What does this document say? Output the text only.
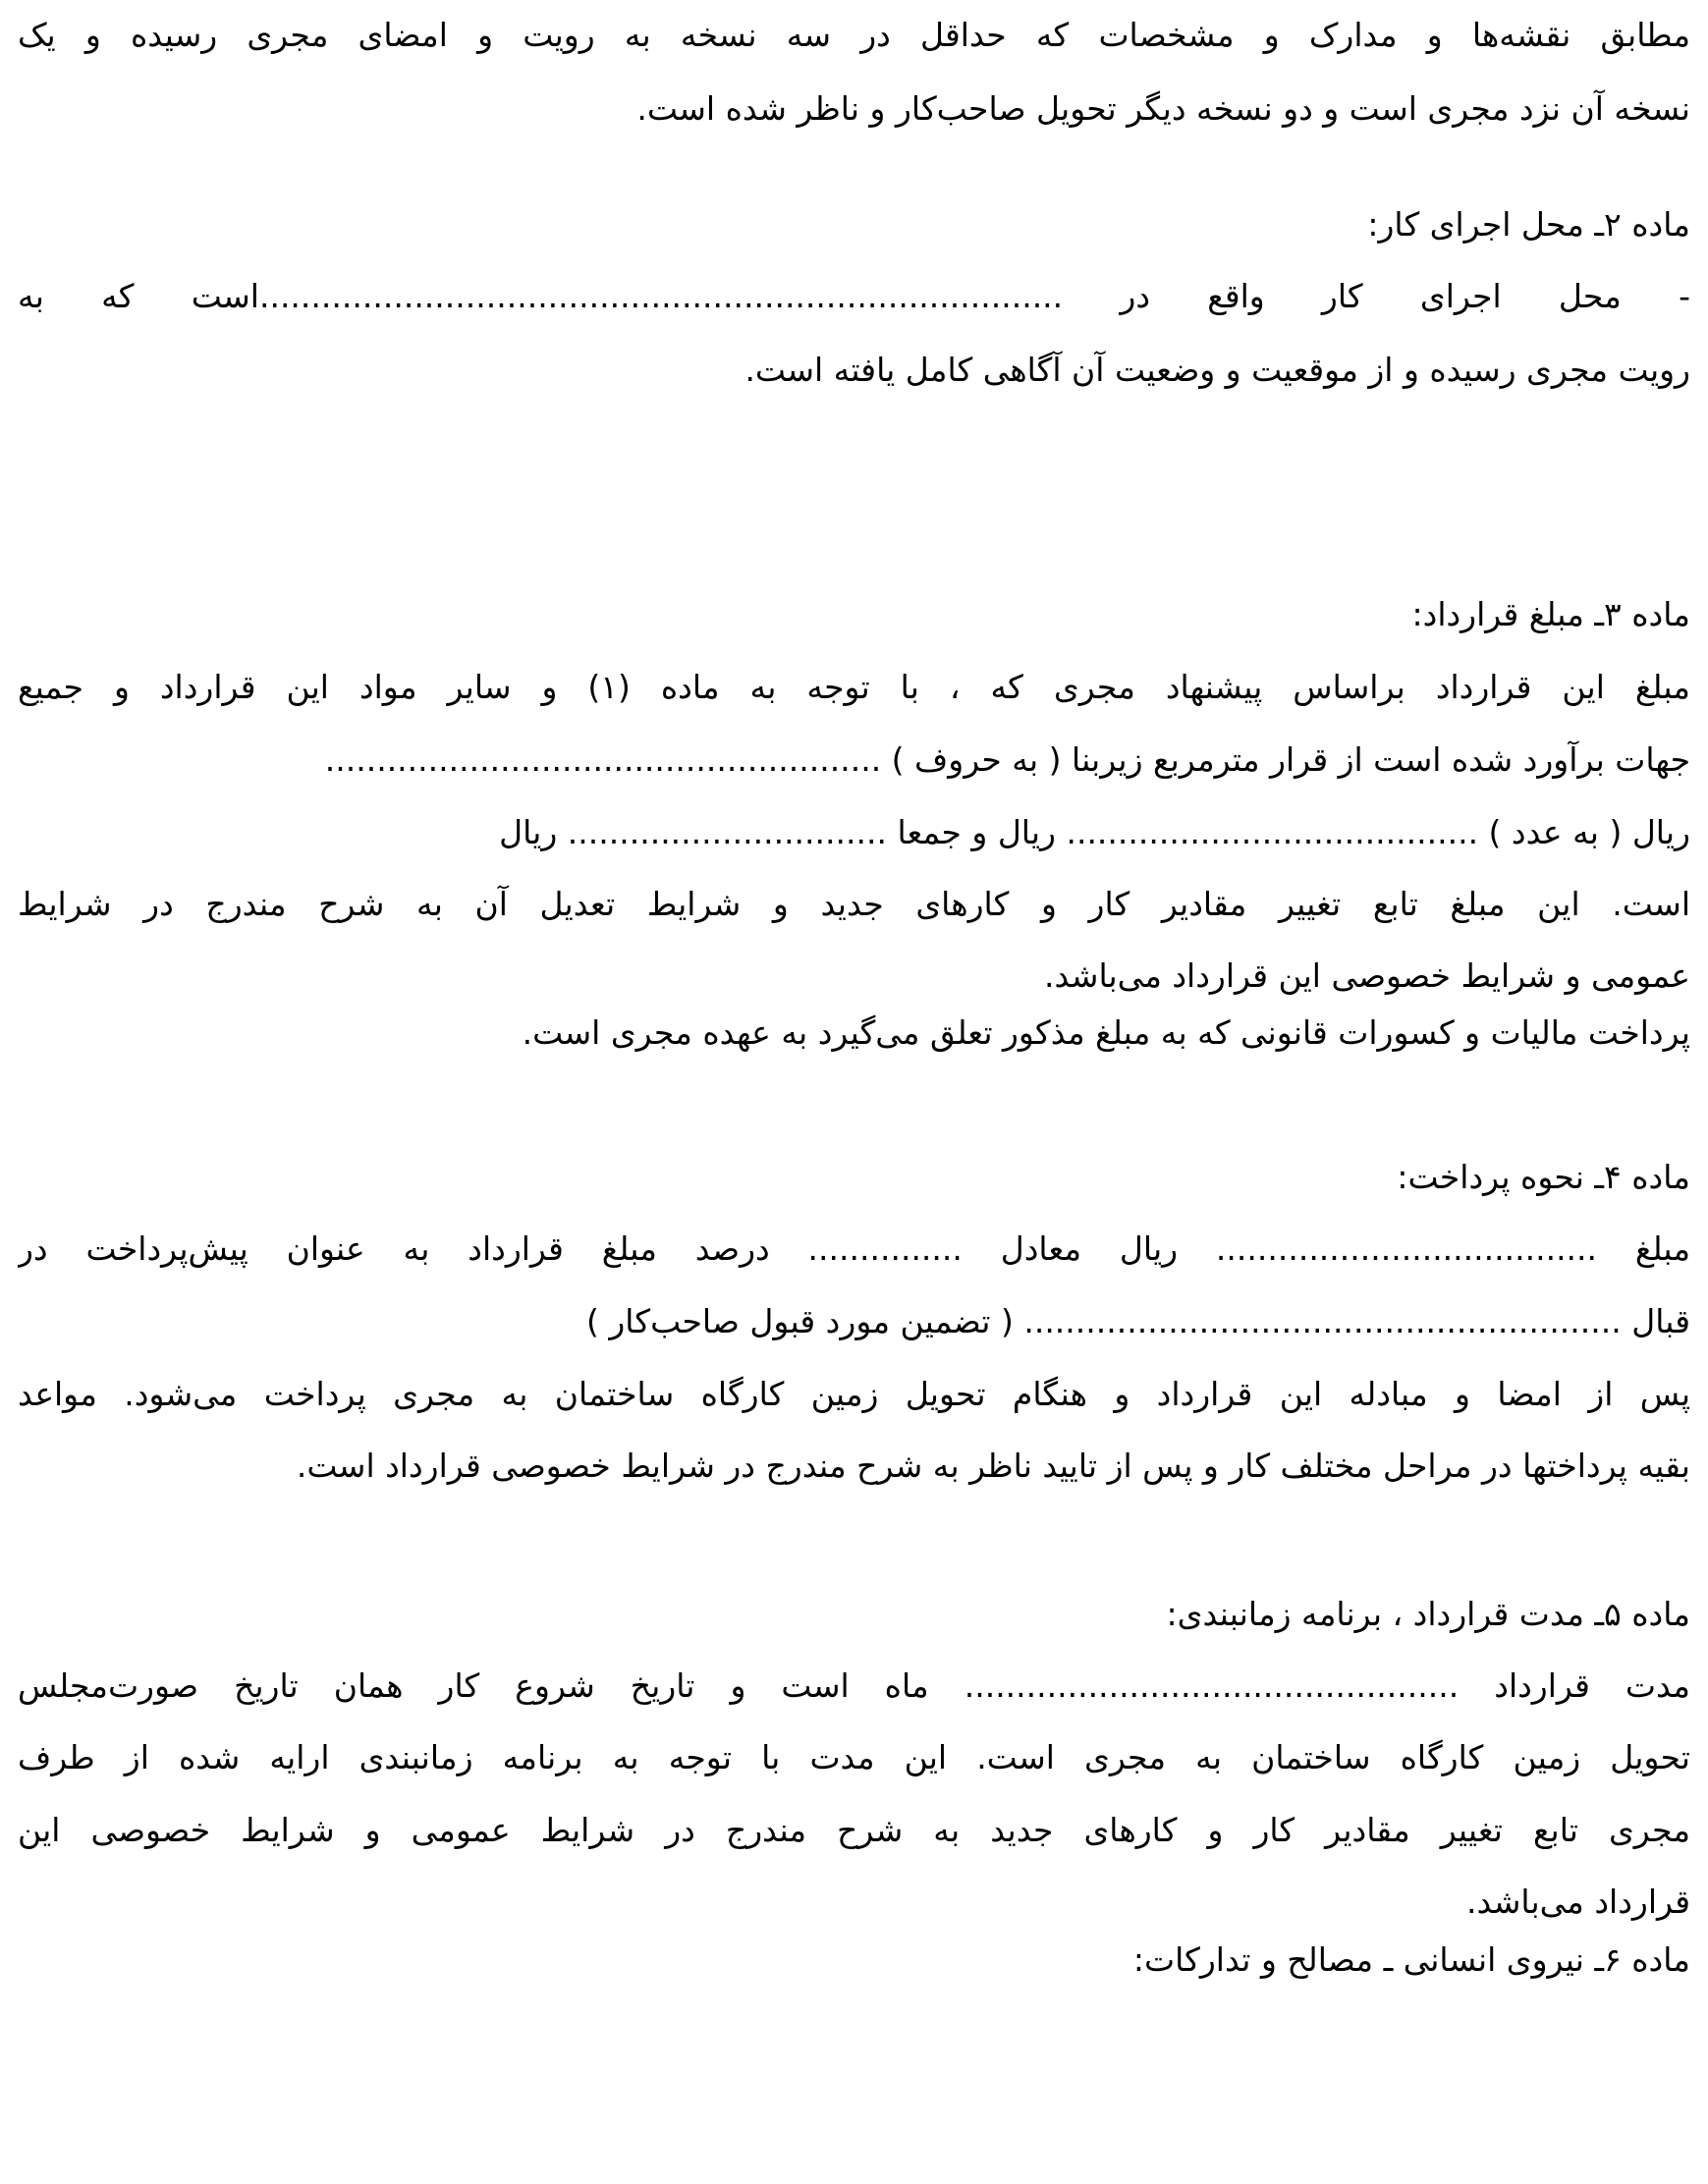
مطابق نقشه‌ها و مدارک و مشخصات که حداقل در سه نسخه به رویت و امضای مجری رسیده و یک
نسخه آن نزد مجری است و دو نسخه دیگر تحویل صاحب‌کار و ناظر شده است.
ماده ۲ـ محل اجرای کار:
- محل اجرای کار واقع در ..............................................................................است که به
رویت مجری رسیده و از موقعیت و وضعیت آن آگاهی کامل یافته است.
ماده ۳ـ مبلغ قرارداد:
مبلغ این قرارداد براساس پیشنهاد مجری که ، با توجه به ماده (۱) و سایر مواد این قرارداد و جمیع
جهات برآورد شده است از قرار مترمربع زیربنا ( به حروف ) ......................................................
ریال ( به عدد ) ........................................ ریال و جمعا ............................... ریال
است. این مبلغ تابع تغییر مقادیر کار و کارهای جدید و شرایط تعدیل آن به شرح مندرج در شرایط
عمومی و شرایط خصوصی این قرارداد می‌باشد.
پرداخت مالیات و کسورات قانونی که به مبلغ مذکور تعلق می‌گیرد به عهده مجری است.
ماده ۴ـ نحوه پرداخت:
مبلغ ..................................... ریال معادل ............... درصد مبلغ قرارداد به عنوان پیش‌پرداخت در
قبال .......................................................... ( تضمین مورد قبول صاحب‌کار )
پس از امضا و مبادله این قرارداد و هنگام تحویل زمین کارگاه ساختمان به مجری پرداخت می‌شود. مواعد
بقیه پرداختها در مراحل مختلف کار و پس از تایید ناظر به شرح مندرج در شرایط خصوصی قرارداد است.
ماده ۵ـ مدت قرارداد ، برنامه زمانبندی:
مدت قرارداد ................................................ ماه است و تاریخ شروع کار همان تاریخ صورت‌مجلس
تحویل زمین کارگاه ساختمان به مجری است. این مدت با توجه به برنامه زمانبندی ارایه شده از طرف
مجری تابع تغییر مقادیر کار و کارهای جدید به شرح مندرج در شرایط عمومی و شرایط خصوصی این
قرارداد می‌باشد.
ماده ۶ـ نیروی انسانی ـ مصالح و تدارکات:
